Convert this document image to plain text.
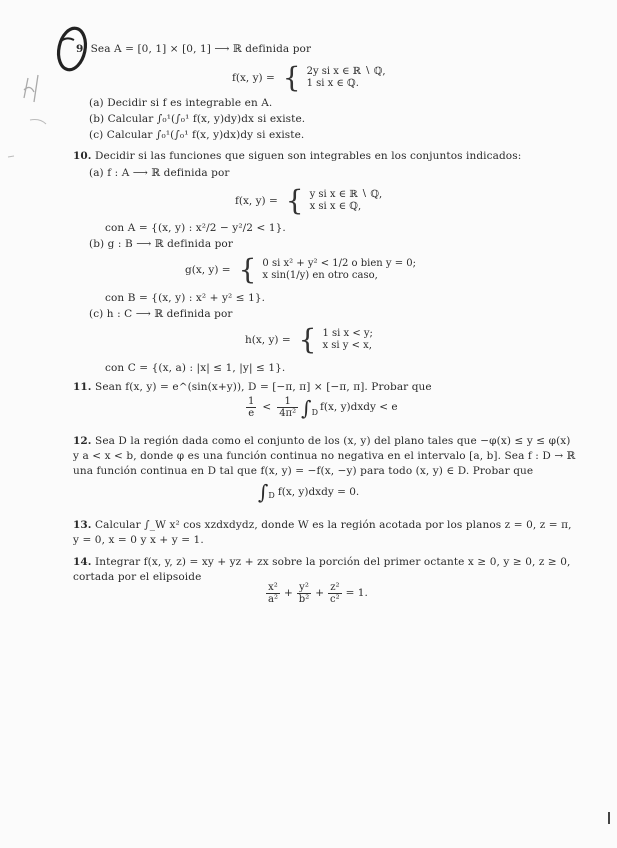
9. Sea A = [0, 1] × [0, 1] ⟶ ℝ definida por
f(x, y) = { 2y si x ∈ ℝ ∖ ℚ,
1 si x ∈ ℚ.
(a) Decidir si f es integrable en A.
(b) Calcular ∫₀¹(∫₀¹ f(x, y)dy)dx si existe.
(c) Calcular ∫₀¹(∫₀¹ f(x, y)dx)dy si existe.
10. Decidir si las funciones que siguen son integrables en los conjuntos indicados:
(a) f : A ⟶ ℝ definida por
f(x, y) = { y si x ∈ ℝ ∖ ℚ,
x si x ∈ ℚ,
con A = {(x, y) : x²/2 − y²/2 < 1}.
(b) g : B ⟶ ℝ definida por
g(x, y) = { 0 si x² + y² < 1/2 o bien y = 0;
x sin(1/y) en otro caso,
con B = {(x, y) : x² + y² ≤ 1}.
(c) h : C ⟶ ℝ definida por
h(x, y) = { 1 si x < y;
x si y < x,
con C = {(x, a) : |x| ≤ 1, |y| ≤ 1}.
11. Sean f(x, y) = e^(sin(x+y)), D = [−π, π] × [−π, π]. Probar que
$\frac{1}{e} < \frac{1}{\text{4π²}}$ ∫ D f(x, y)dxdy < e
12. Sea D la región dada como el conjunto de los (x, y) del plano tales que −φ(x) ≤ y ≤ φ(x)
y a < x < b, donde φ es una función continua no negativa en el intervalo [a, b]. Sea f : D → ℝ
una función continua en D tal que f(x, y) = −f(x, −y) para todo (x, y) ∈ D. Probar que
∫ D f(x, y)dxdy = 0.
13. Calcular ∫_W x² cos xzdxdydz, donde W es la región acotada por los planos z = 0, z = π,
y = 0, x = 0 y x + y = 1.
14. Integrar f(x, y, z) = xy + yz + zx sobre la porción del primer octante x ≥ 0, y ≥ 0, z ≥ 0,
cortada por el elipsoide
$\frac{\text{x²}}{\text{a²}} + \frac{\text{y²}}{\text{b²}} + \frac{\text{z²}}{\text{c²}} = 1$.
